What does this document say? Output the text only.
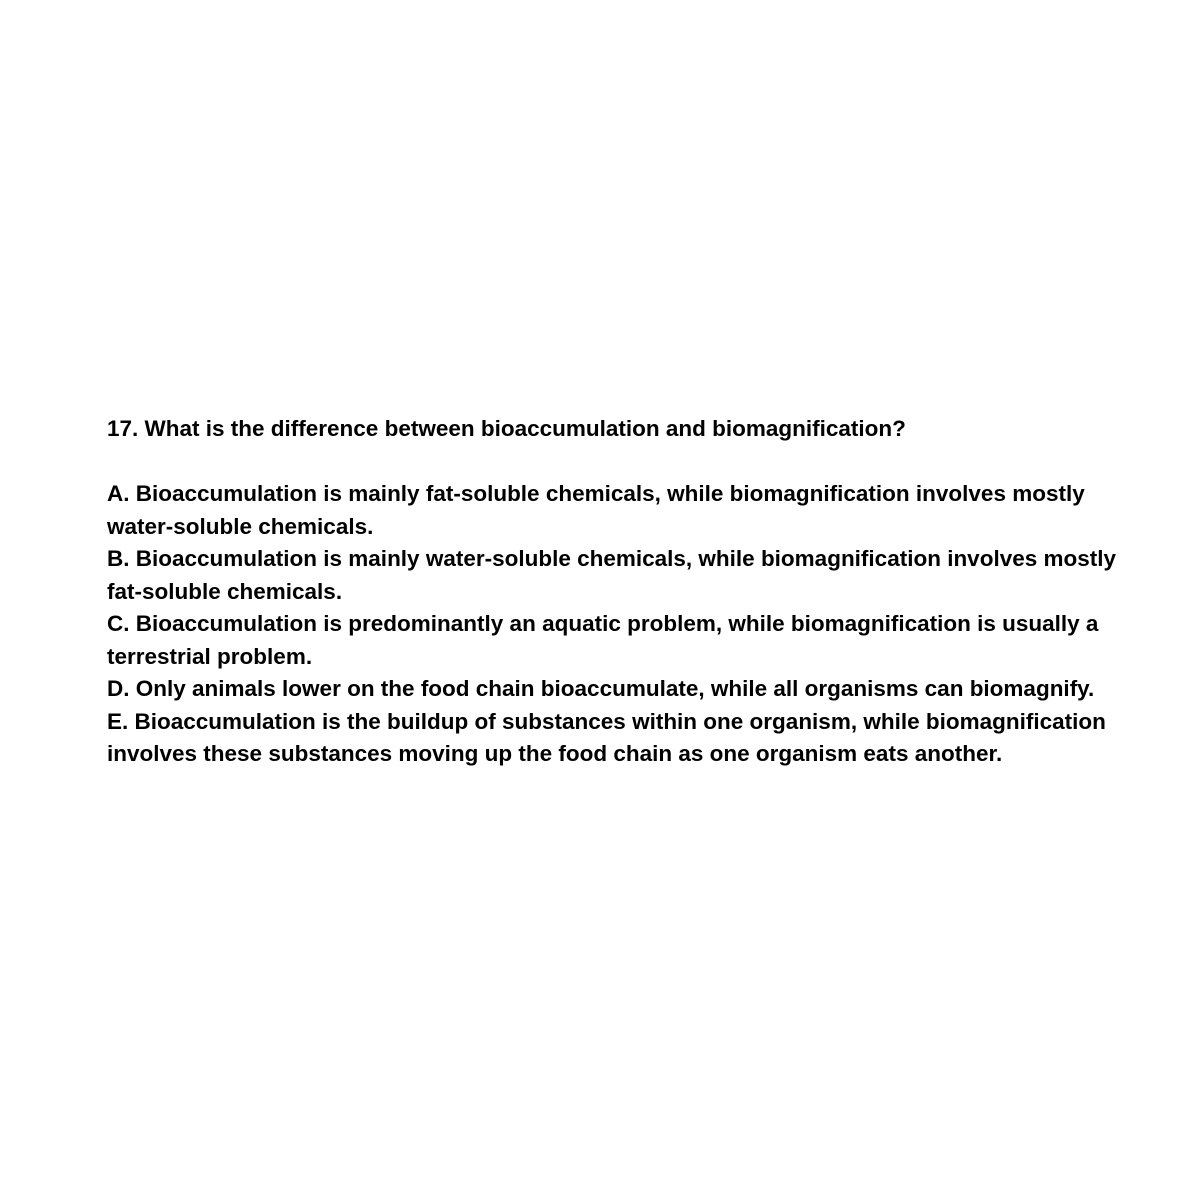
17. What is the difference between bioaccumulation and biomagnification?

A. Bioaccumulation is mainly fat-soluble chemicals, while biomagnification involves mostly water-soluble chemicals.

B. Bioaccumulation is mainly water-soluble chemicals, while biomagnification involves mostly fat-soluble chemicals.

C. Bioaccumulation is predominantly an aquatic problem, while biomagnification is usually a terrestrial problem.

D. Only animals lower on the food chain bioaccumulate, while all organisms can biomagnify.

E. Bioaccumulation is the buildup of substances within one organism, while biomagnification involves these substances moving up the food chain as one organism eats another.
